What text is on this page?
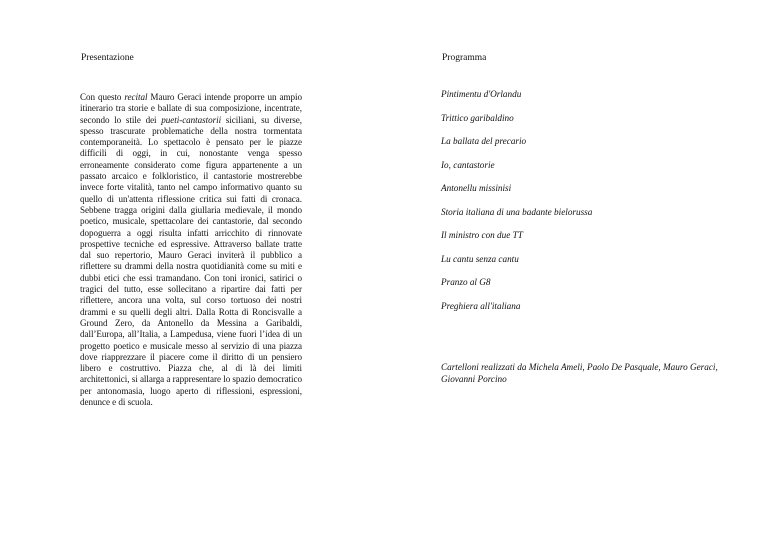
Presentazione

Con questo recital Mauro Geraci intende proporre un ampio itinerario tra storie e ballate di sua composizione, incentrate, secondo lo stile dei pueti-cantastorii siciliani, su diverse, spesso trascurate problematiche della nostra tormentata contemporaneità. Lo spettacolo è pensato per le piazze difficili di oggi, in cui, nonostante venga spesso erroneamente considerato come figura appartenente a un passato arcaico e folkloristico, il cantastorie mostrerebbe invece forte vitalità, tanto nel campo informativo quanto su quello di un'attenta riflessione critica sui fatti di cronaca. Sebbene tragga origini dalla giullaria medievale, il mondo poetico, musicale, spettacolare dei cantastorie, dal secondo dopoguerra a oggi risulta infatti arricchito di rinnovate prospettive tecniche ed espressive. Attraverso ballate tratte dal suo repertorio, Mauro Geraci inviterà il pubblico a riflettere su drammi della nostra quotidianità come su miti e dubbi etici che essi tramandano. Con toni ironici, satirici o tragici del tutto, esse sollecitano a ripartire dai fatti per riflettere, ancora una volta, sul corso tortuoso dei nostri drammi e su quelli degli altri. Dalla Rotta di Roncisvalle a Ground Zero, da Antonello da Messina a Garibaldi, dall’Europa, all’Italia, a Lampedusa, viene fuori l’idea di un progetto poetico e musicale messo al servizio di una piazza dove riapprezzare il piacere come il diritto di un pensiero libero e costruttivo. Piazza che, al di là dei limiti architettonici, si allarga a rappresentare lo spazio democratico per antonomasia, luogo aperto di riflessioni, espressioni, denunce e di scuola.

Programma

Pintimentu d'Orlandu
Trittico garibaldino
La ballata del precario
Io, cantastorie
Antonellu missinisi
Storia italiana di una badante bielorussa
Il ministro con due TT
Lu cantu senza cantu
Pranzo al G8
Preghiera all'italiana

Cartelloni realizzati da Michela Ameli, Paolo De Pasquale, Mauro Geraci, Giovanni Porcino
